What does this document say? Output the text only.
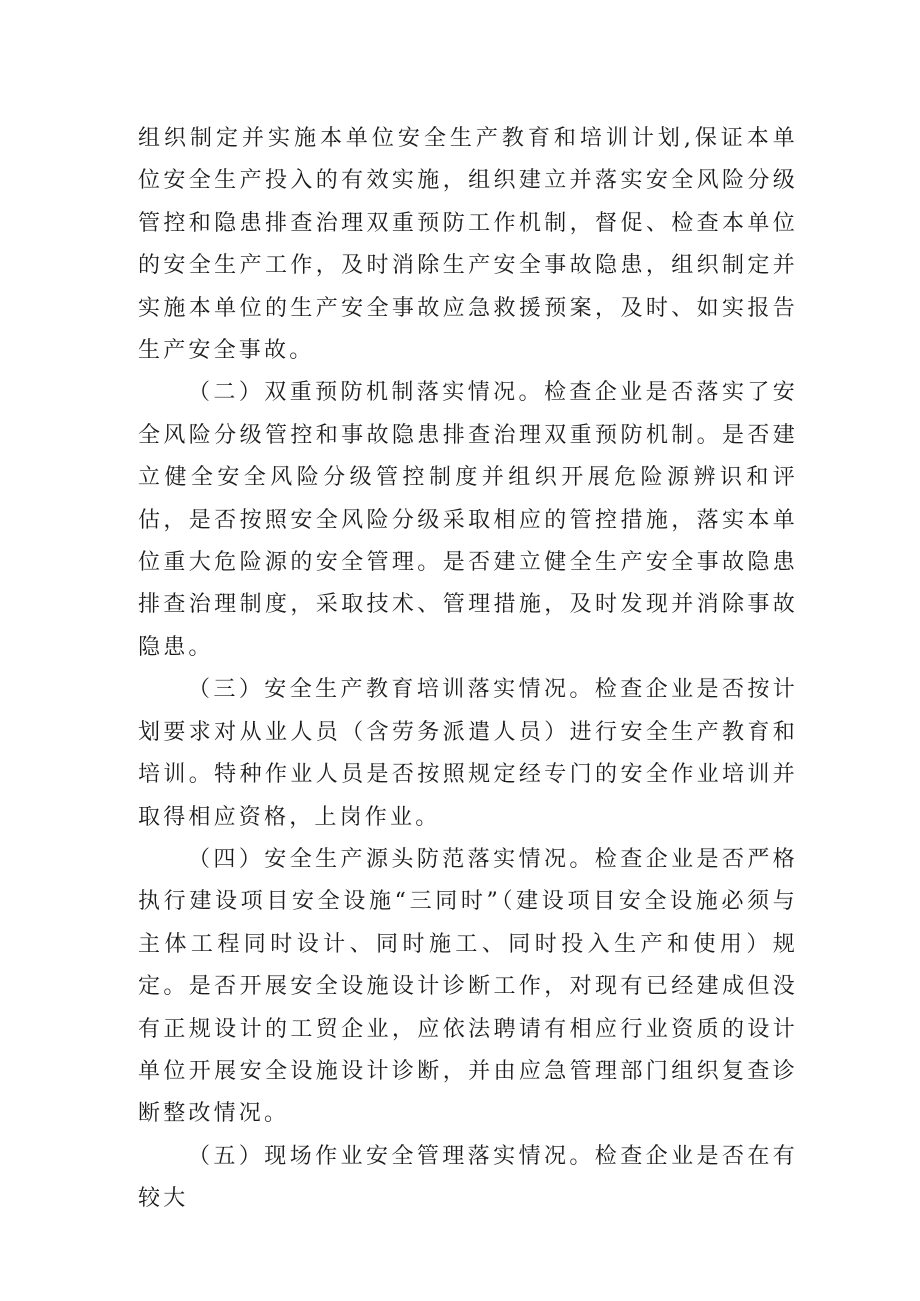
组织制定并实施本单位安全生产教育和培训计划,保证本单位安全生产投入的有效实施，组织建立并落实安全风险分级管控和隐患排查治理双重预防工作机制，督促、检查本单位的安全生产工作，及时消除生产安全事故隐患，组织制定并实施本单位的生产安全事故应急救援预案，及时、如实报告生产安全事故。

（二）双重预防机制落实情况。检查企业是否落实了安全风险分级管控和事故隐患排查治理双重预防机制。是否建立健全安全风险分级管控制度并组织开展危险源辨识和评估，是否按照安全风险分级采取相应的管控措施，落实本单位重大危险源的安全管理。是否建立健全生产安全事故隐患排查治理制度，采取技术、管理措施，及时发现并消除事故隐患。

（三）安全生产教育培训落实情况。检查企业是否按计划要求对从业人员（含劳务派遣人员）进行安全生产教育和培训。特种作业人员是否按照规定经专门的安全作业培训并取得相应资格，上岗作业。

（四）安全生产源头防范落实情况。检查企业是否严格执行建设项目安全设施“三同时”（建设项目安全设施必须与主体工程同时设计、同时施工、同时投入生产和使用）规定。是否开展安全设施设计诊断工作，对现有已经建成但没有正规设计的工贸企业，应依法聘请有相应行业资质的设计单位开展安全设施设计诊断，并由应急管理部门组织复查诊断整改情况。

（五）现场作业安全管理落实情况。检查企业是否在有较大
